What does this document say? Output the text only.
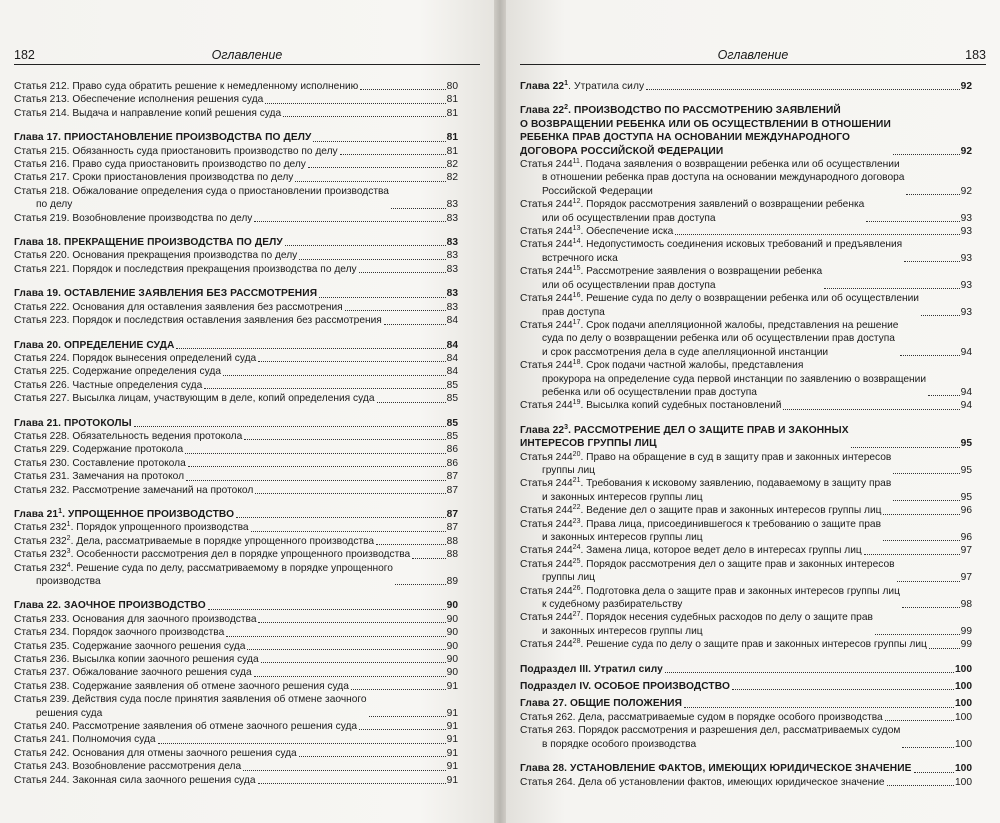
182	Оглавление
Статья 212. Право суда обратить решение к немедленному исполнению	80
Статья 213. Обеспечение исполнения решения суда	81
Статья 214. Выдача и направление копий решения суда	81
Глава 17. ПРИОСТАНОВЛЕНИЕ ПРОИЗВОДСТВА ПО ДЕЛУ	81
Статья 215. Обязанность суда приостановить производство по делу	81
Статья 216. Право суда приостановить производство по делу	82
Статья 217. Сроки приостановления производства по делу	82
Статья 218. Обжалование определения суда о приостановлении производства
по делу	83
Статья 219. Возобновление производства по делу	83
Глава 18. ПРЕКРАЩЕНИЕ ПРОИЗВОДСТВА ПО ДЕЛУ	83
Статья 220. Основания прекращения производства по делу	83
Статья 221. Порядок и последствия прекращения производства по делу	83
Глава 19. ОСТАВЛЕНИЕ ЗАЯВЛЕНИЯ БЕЗ РАССМОТРЕНИЯ	83
Статья 222. Основания для оставления заявления без рассмотрения	83
Статья 223. Порядок и последствия оставления заявления без рассмотрения	84
Глава 20. ОПРЕДЕЛЕНИЕ СУДА	84
Статья 224. Порядок вынесения определений суда	84
Статья 225. Содержание определения суда	84
Статья 226. Частные определения суда	85
Статья 227. Высылка лицам, участвующим в деле, копий определения суда	85
Глава 21. ПРОТОКОЛЫ	85
Статья 228. Обязательность ведения протокола	85
Статья 229. Содержание протокола	86
Статья 230. Составление протокола	86
Статья 231. Замечания на протокол	87
Статья 232. Рассмотрение замечаний на протокол	87
Глава $21^1$. УПРОЩЕННОЕ ПРОИЗВОДСТВО	87
Статья $232^1$. Порядок упрощенного производства	87
Статья $232^2$. Дела, рассматриваемые в порядке упрощенного производства	88
Статья $232^3$. Особенности рассмотрения дел в порядке упрощенного производства	88
Статья $232^4$. Решение суда по делу, рассматриваемому в порядке упрощенного
производства	89
Глава 22. ЗАОЧНОЕ ПРОИЗВОДСТВО	90
Статья 233. Основания для заочного производства	90
Статья 234. Порядок заочного производства	90
Статья 235. Содержание заочного решения суда	90
Статья 236. Высылка копии заочного решения суда	90
Статья 237. Обжалование заочного решения суда	90
Статья 238. Содержание заявления об отмене заочного решения суда	91
Статья 239. Действия суда после принятия заявления об отмене заочного
решения суда	91
Статья 240. Рассмотрение заявления об отмене заочного решения суда	91
Статья 241. Полномочия суда	91
Статья 242. Основания для отмены заочного решения суда	91
Статья 243. Возобновление рассмотрения дела	91
Статья 244. Законная сила заочного решения суда	91
Оглавление	183
Глава $22^1$. Утратила силу	92
Глава $22^2$. ПРОИЗВОДСТВО ПО РАССМОТРЕНИЮ ЗАЯВЛЕНИЙ
О ВОЗВРАЩЕНИИ РЕБЕНКА ИЛИ ОБ ОСУЩЕСТВЛЕНИИ В ОТНОШЕНИИ
РЕБЕНКА ПРАВ ДОСТУПА НА ОСНОВАНИИ МЕЖДУНАРОДНОГО
ДОГОВОРА РОССИЙСКОЙ ФЕДЕРАЦИИ	92
Статья $244^{11}$. Подача заявления о возвращении ребенка или об осуществлении
в отношении ребенка прав доступа на основании международного договора
Российской Федерации	92
Статья $244^{12}$. Порядок рассмотрения заявлений о возвращении ребенка
или об осуществлении прав доступа	93
Статья $244^{13}$. Обеспечение иска	93
Статья $244^{14}$. Недопустимость соединения исковых требований и предъявления
встречного иска	93
Статья $244^{15}$. Рассмотрение заявления о возвращении ребенка
или об осуществлении прав доступа	93
Статья $244^{16}$. Решение суда по делу о возвращении ребенка или об осуществлении
прав доступа	93
Статья $244^{17}$. Срок подачи апелляционной жалобы, представления на решение
суда по делу о возвращении ребенка или об осуществлении прав доступа
и срок рассмотрения дела в суде апелляционной инстанции	94
Статья $244^{18}$. Срок подачи частной жалобы, представления
прокурора на определение суда первой инстанции по заявлению о возвращении
ребенка или об осуществлении прав доступа	94
Статья $244^{19}$. Высылка копий судебных постановлений	94
Глава $22^3$. РАССМОТРЕНИЕ ДЕЛ О ЗАЩИТЕ ПРАВ И ЗАКОННЫХ
ИНТЕРЕСОВ ГРУППЫ ЛИЦ	95
Статья $244^{20}$. Право на обращение в суд в защиту прав и законных интересов
группы лиц	95
Статья $244^{21}$. Требования к исковому заявлению, подаваемому в защиту прав
и законных интересов группы лиц	95
Статья $244^{22}$. Ведение дел о защите прав и законных интересов группы лиц	96
Статья $244^{23}$. Права лица, присоединившегося к требованию о защите прав
и законных интересов группы лиц	96
Статья $244^{24}$. Замена лица, которое ведет дело в интересах группы лиц	97
Статья $244^{25}$. Порядок рассмотрения дел о защите прав и законных интересов
группы лиц	97
Статья $244^{26}$. Подготовка дела о защите прав и законных интересов группы лиц
к судебному разбирательству	98
Статья $244^{27}$. Порядок несения судебных расходов по делу о защите прав
и законных интересов группы лиц	99
Статья $244^{28}$. Решение суда по делу о защите прав и законных интересов группы лиц	99
Подраздел III. Утратил силу	100
Подраздел IV. ОСОБОЕ ПРОИЗВОДСТВО	100
Глава 27. ОБЩИЕ ПОЛОЖЕНИЯ	100
Статья 262. Дела, рассматриваемые судом в порядке особого производства	100
Статья 263. Порядок рассмотрения и разрешения дел, рассматриваемых судом
в порядке особого производства	100
Глава 28. УСТАНОВЛЕНИЕ ФАКТОВ, ИМЕЮЩИХ ЮРИДИЧЕСКОЕ ЗНАЧЕНИЕ	100
Статья 264. Дела об установлении фактов, имеющих юридическое значение	100
